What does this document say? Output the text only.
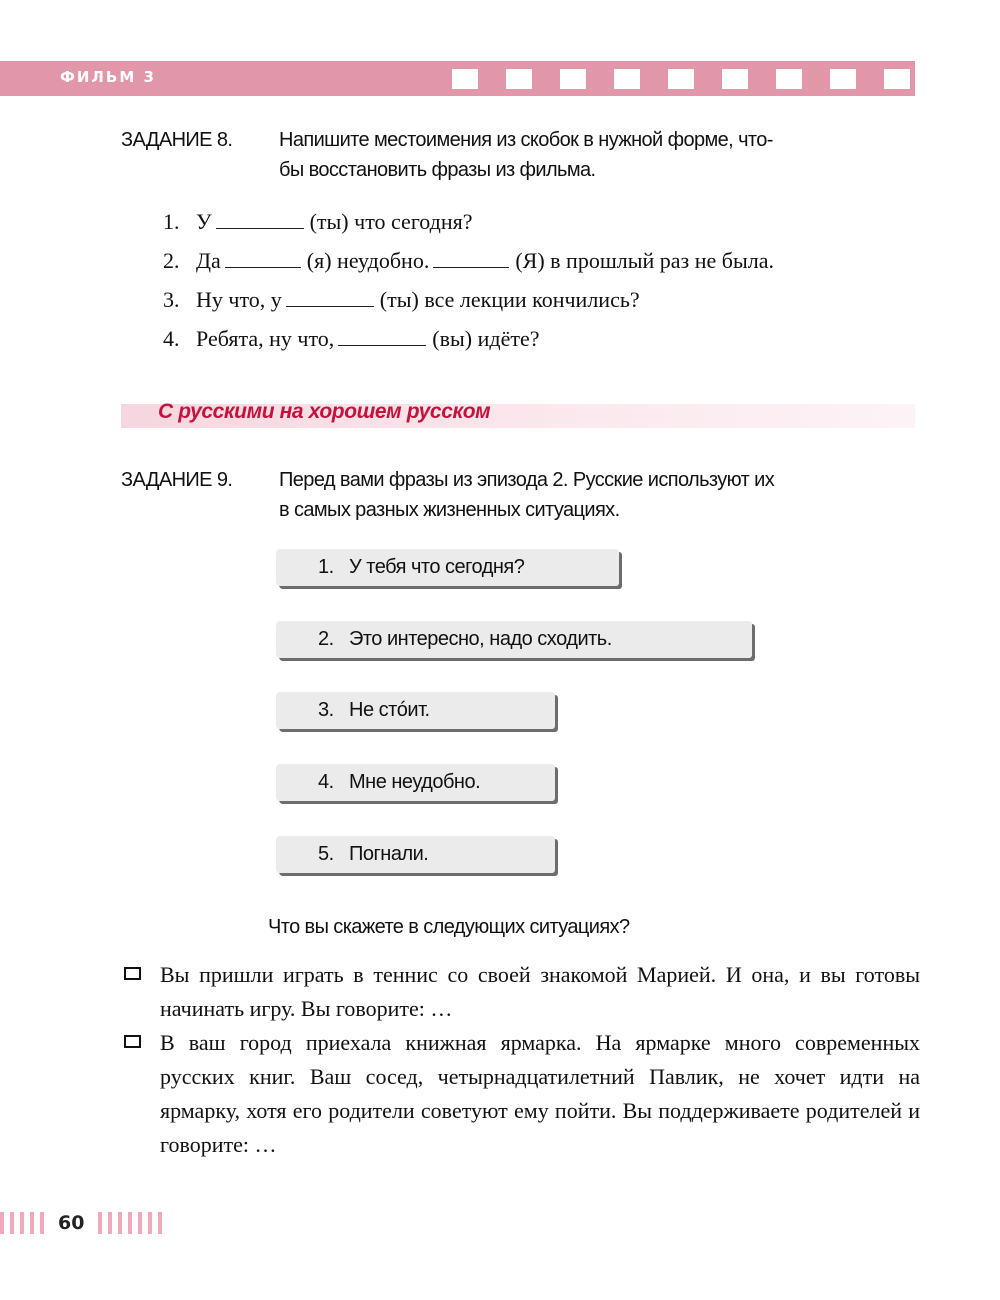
ФИЛЬМ 3
ЗАДАНИЕ 8. Напишите местоимения из скобок в нужной форме, что-
бы восстановить фразы из фильма.
1. У	(ты) что сегодня?
2. Да	(я) неудобно.	(Я) в прошлый раз не была.
3. Ну что, у	(ты) все лекции кончились?
4. Ребята, ну что,	(вы) идёте?
С русскими на хорошем русском
ЗАДАНИЕ 9. Перед вами фразы из эпизода 2. Русские используют их
в самых разных жизненных ситуациях.
1. У тебя что сегодня?
2. Это интересно, надо сходить.
3. Не стóит.
4. Мне неудобно.
5. Погнали.
Что вы скажете в следующих ситуациях?
Вы пришли играть в теннис со своей знакомой Марией. И она, и вы готовы начинать игру. Вы говорите: …
В ваш город приехала книжная ярмарка. На ярмарке много современных русских книг. Ваш сосед, четырнадцатилетний Павлик, не хочет идти на ярмарку, хотя его родители советуют ему пойти. Вы поддерживаете родителей и говорите: …
60
